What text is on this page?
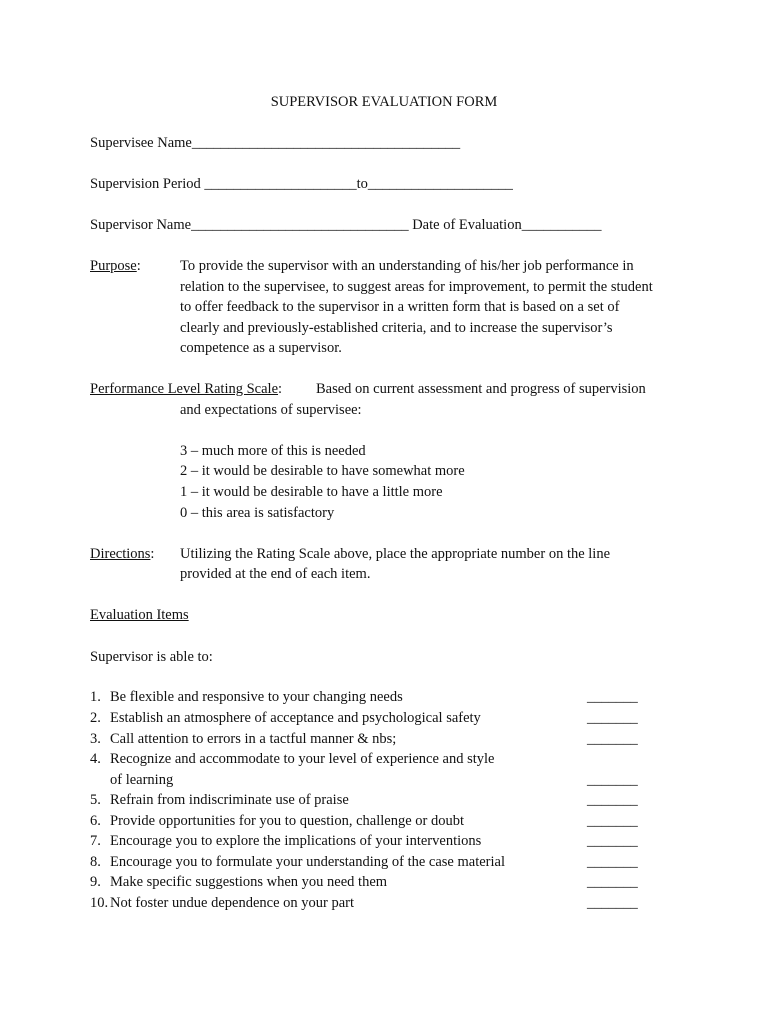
SUPERVISOR EVALUATION FORM
Supervisee Name_____________________________________
Supervision Period _____________________to____________________
Supervisor Name______________________________ Date of Evaluation___________
Purpose:	To provide the supervisor with an understanding of his/her job performance in
relation to the supervisee, to suggest areas for improvement, to permit the student
to offer feedback to the supervisor in a written form that is based on a set of
clearly and previously-established criteria, and to increase the supervisor’s
competence as a supervisor.
Performance Level Rating Scale: Based on current assessment and progress of supervision
and expectations of supervisee:
3 – much more of this is needed
2 – it would be desirable to have somewhat more
1 – it would be desirable to have a little more
0 – this area is satisfactory
Directions: Utilizing the Rating Scale above, place the appropriate number on the line
provided at the end of each item.
Evaluation Items
Supervisor is able to:
1. Be flexible and responsive to your changing needs	_______
2. Establish an atmosphere of acceptance and psychological safety	_______
3. Call attention to errors in a tactful manner & nbs;	_______
4. Recognize and accommodate to your level of experience and style
of learning	_______
5. Refrain from indiscriminate use of praise	_______
6. Provide opportunities for you to question, challenge or doubt	_______
7. Encourage you to explore the implications of your interventions	_______
8. Encourage you to formulate your understanding of the case material	_______
9. Make specific suggestions when you need them	_______
10. Not foster undue dependence on your part	_______
